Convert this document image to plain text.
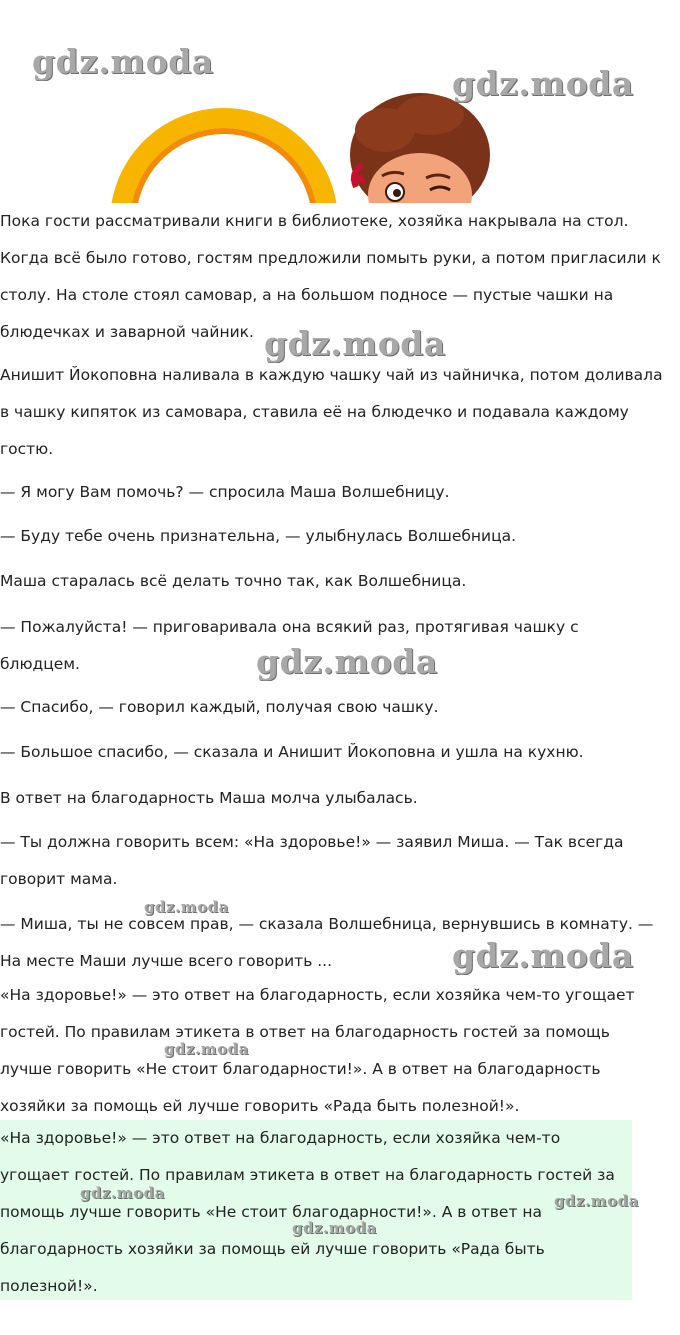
Пока гости рассматривали книги в библиотеке, хозяйка накрывала на стол.
Когда всё было готово, гостям предложили помыть руки, а потом пригласили к
столу. На столе стоял самовар, а на большом подносе — пустые чашки на
блюдечках и заварной чайник.

Анишит Йокоповна наливала в каждую чашку чай из чайничка, потом доливала
в чашку кипяток из самовара, ставила её на блюдечко и подавала каждому
гостю.

— Я могу Вам помочь? — спросила Маша Волшебницу.

— Буду тебе очень признательна, — улыбнулась Волшебница.

Маша старалась всё делать точно так, как Волшебница.

— Пожалуйста! — приговаривала она всякий раз, протягивая чашку с
блюдцем.

— Спасибо, — говорил каждый, получая свою чашку.

— Большое спасибо, — сказала и Анишит Йокоповна и ушла на кухню.

В ответ на благодарность Маша молча улыбалась.

— Ты должна говорить всем: «На здоровье!» — заявил Миша. — Так всегда
говорит мама.

— Миша, ты не совсем прав, — сказала Волшебница, вернувшись в комнату. —
На месте Маши лучше всего говорить ...

«На здоровье!» — это ответ на благодарность, если хозяйка чем-то угощает
гостей. По правилам этикета в ответ на благодарность гостей за помощь
лучше говорить «Не стоит благодарности!». А в ответ на благодарность
хозяйки за помощь ей лучше говорить «Рада быть полезной!».

«На здоровье!» — это ответ на благодарность, если хозяйка чем-то
угощает гостей. По правилам этикета в ответ на благодарность гостей за
помощь лучше говорить «Не стоит благодарности!». А в ответ на
благодарность хозяйки за помощь ей лучше говорить «Рада быть
полезной!».

gdz.moda
gdz.moda
gdz.moda
gdz.moda
gdz.moda
gdz.moda
gdz.moda
gdz.moda	gdz.moda
gdz.moda
